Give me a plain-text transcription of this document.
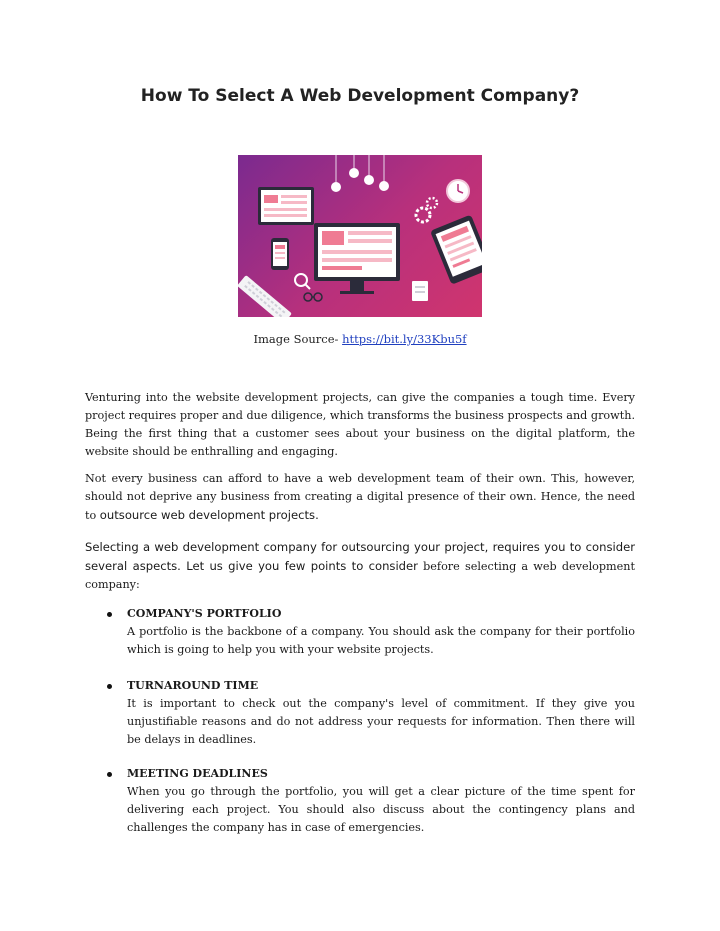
How To Select A Web Development Company?
Image Source- https://bit.ly/33Kbu5f

Venturing into the website development projects, can give the companies a tough time. Every project requires proper and due diligence, which transforms the business prospects and growth. Being the first thing that a customer sees about your business on the digital platform, the website should be enthralling and engaging.

Not every business can afford to have a web development team of their own. This, however, should not deprive any business from creating a digital presence of their own. Hence, the need to outsource web development projects.

Selecting a web development company for outsourcing your project, requires you to consider several aspects. Let us give you few points to consider before selecting a web development company:

COMPANY'S PORTFOLIO
A portfolio is the backbone of a company. You should ask the company for their portfolio which is going to help you with your website projects.
TURNAROUND TIME
It is important to check out the company's level of commitment. If they give you unjustifiable reasons and do not address your requests for information. Then there will be delays in deadlines.
MEETING DEADLINES
When you go through the portfolio, you will get a clear picture of the time spent for delivering each project. You should also discuss about the contingency plans and challenges the company has in case of emergencies.
